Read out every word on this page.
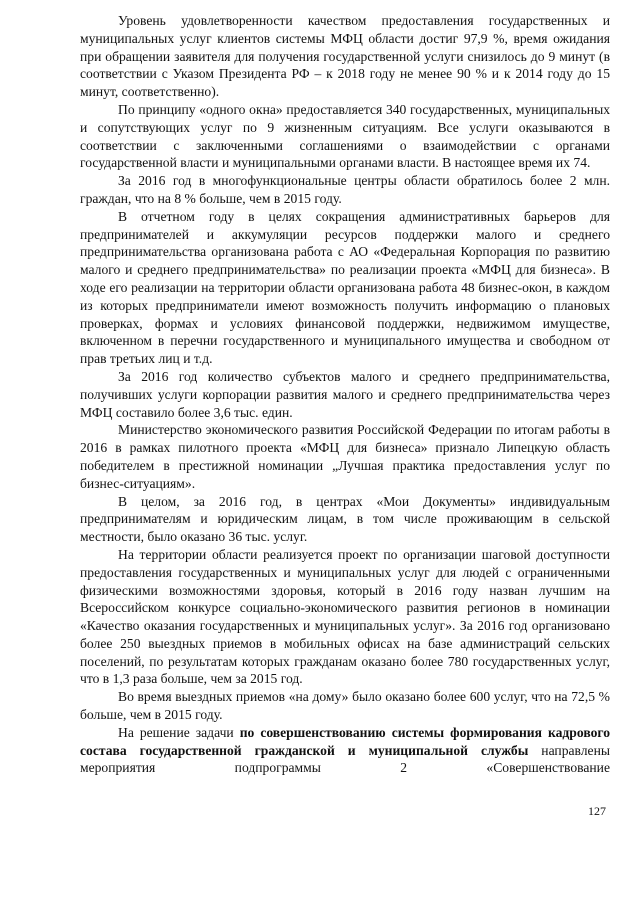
Уровень удовлетворенности качеством предоставления государственных и муниципальных услуг клиентов системы МФЦ области достиг 97,9 %, время ожидания при обращении заявителя для получения государственной услуги снизилось до 9 минут (в соответствии с Указом Президента РФ – к 2018 году не менее 90 % и к 2014 году до 15 минут, соответственно).

По принципу «одного окна» предоставляется 340 государственных, муниципальных и сопутствующих услуг по 9 жизненным ситуациям. Все услуги оказываются в соответствии с заключенными соглашениями о взаимодействии с органами государственной власти и муниципальными органами власти. В настоящее время их 74.

За 2016 год в многофункциональные центры области обратилось более 2 млн. граждан, что на 8 % больше, чем в 2015 году.

В отчетном году в целях сокращения административных барьеров для предпринимателей и аккумуляции ресурсов поддержки малого и среднего предпринимательства организована работа с АО «Федеральная Корпорация по развитию малого и среднего предпринимательства» по реализации проекта «МФЦ для бизнеса». В ходе его реализации на территории области организована работа 48 бизнес-окон, в каждом из которых предприниматели имеют возможность получить информацию о плановых проверках, формах и условиях финансовой поддержки, недвижимом имуществе, включенном в перечни государственного и муниципального имущества и свободном от прав третьих лиц и т.д.

За 2016 год количество субъектов малого и среднего предпринимательства, получивших услуги корпорации развития малого и среднего предпринимательства через МФЦ составило более 3,6 тыс. един.

Министерство экономического развития Российской Федерации по итогам работы в 2016 в рамках пилотного проекта «МФЦ для бизнеса» признало Липецкую область победителем в престижной номинации „Лучшая практика предоставления услуг по бизнес-ситуациям».

В целом, за 2016 год, в центрах «Мои Документы» индивидуальным предпринимателям и юридическим лицам, в том числе проживающим в сельской местности, было оказано 36 тыс. услуг.

На территории области реализуется проект по организации шаговой доступности предоставления государственных и муниципальных услуг для людей с ограниченными физическими возможностями здоровья, который в 2016 году назван лучшим на Всероссийском конкурсе социально-экономического развития регионов в номинации «Качество оказания государственных и муниципальных услуг». За 2016 год организовано более 250 выездных приемов в мобильных офисах на базе администраций сельских поселений, по результатам которых гражданам оказано более 780 государственных услуг, что в 1,3 раза больше, чем за 2015 год.

Во время выездных приемов «на дому» было оказано более 600 услуг, что на 72,5 % больше, чем в 2015 году.

На решение задачи по совершенствованию системы формирования кадрового состава государственной гражданской и муниципальной службы направлены мероприятия подпрограммы 2 «Совершенствование

127
